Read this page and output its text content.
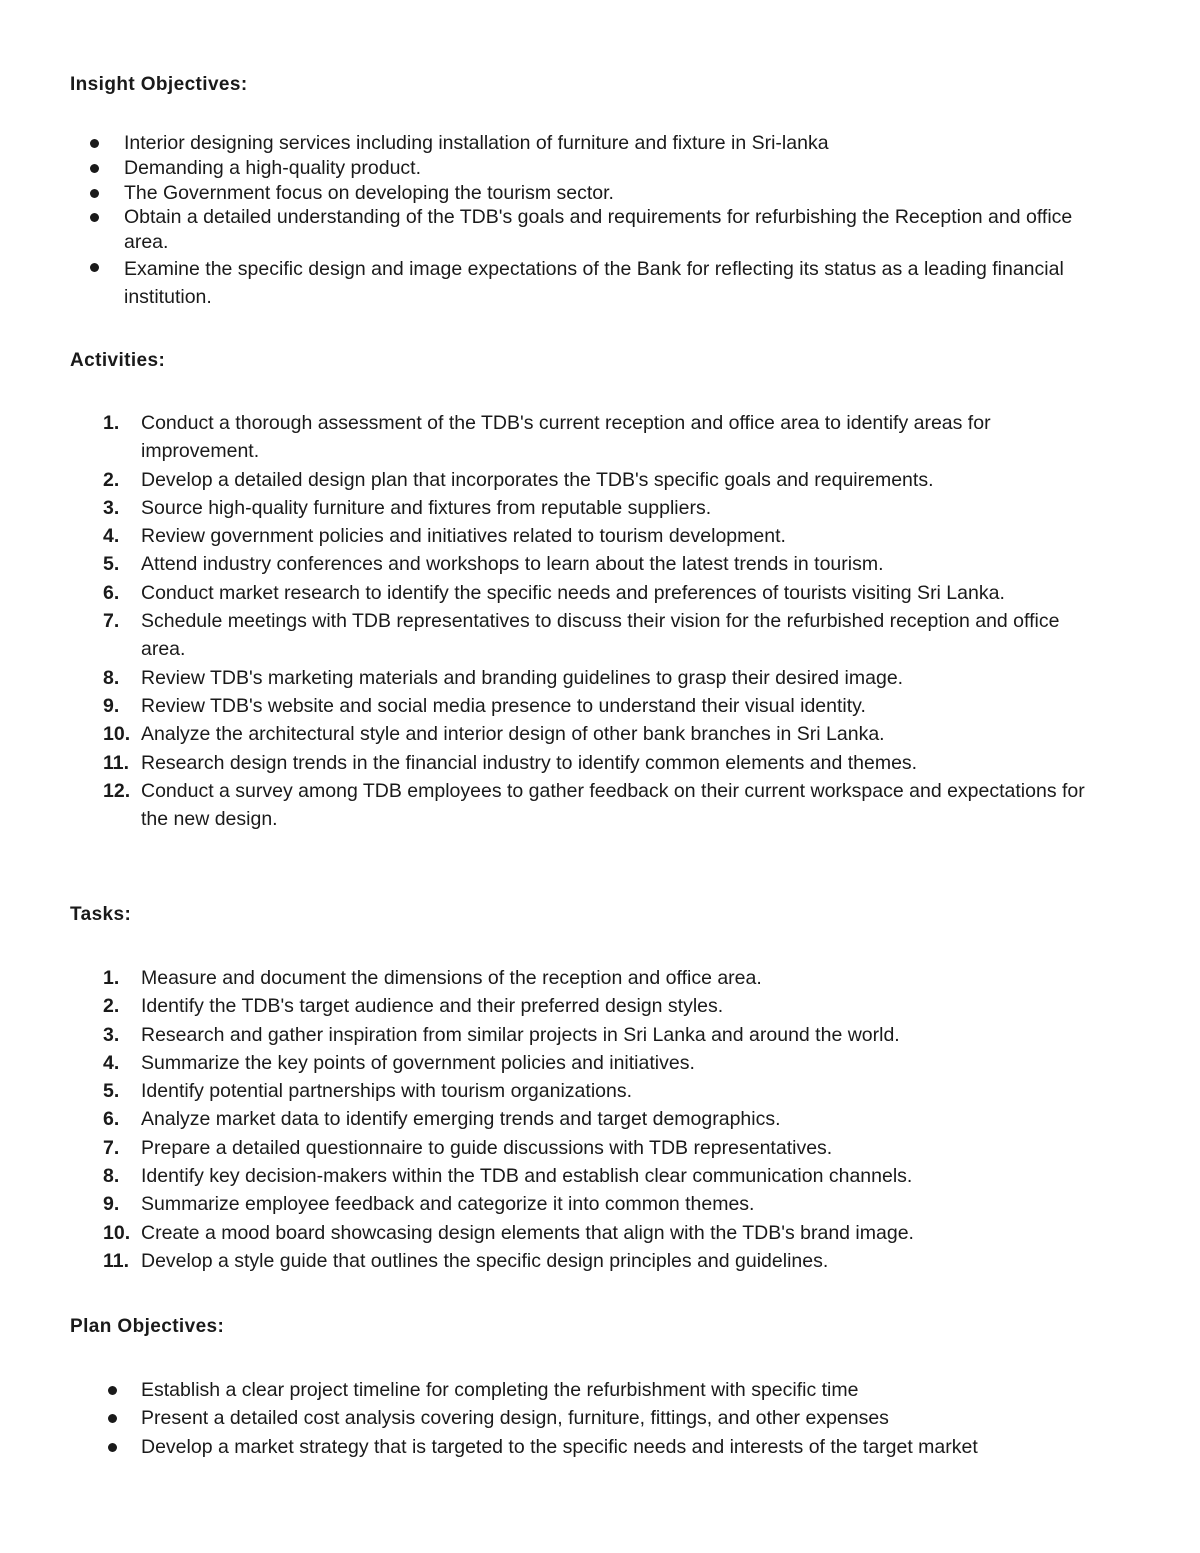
Insight Objectives:
Interior designing services including installation of furniture and fixture in Sri-lanka
Demanding a high-quality product.
The Government focus on developing the tourism sector.
Obtain a detailed understanding of the TDB's goals and requirements for refurbishing the Reception and office area.
Examine the specific design and image expectations of the Bank for reflecting its status as a leading financial institution.
Activities:
1.	Conduct a thorough assessment of the TDB's current reception and office area to identify areas for improvement.
2.	Develop a detailed design plan that incorporates the TDB's specific goals and requirements.
3.	Source high-quality furniture and fixtures from reputable suppliers.
4.	Review government policies and initiatives related to tourism development.
5.	Attend industry conferences and workshops to learn about the latest trends in tourism.
6.	Conduct market research to identify the specific needs and preferences of tourists visiting Sri Lanka.
7.	Schedule meetings with TDB representatives to discuss their vision for the refurbished reception and office area.
8.	Review TDB's marketing materials and branding guidelines to grasp their desired image.
9.	Review TDB's website and social media presence to understand their visual identity.
10. Analyze the architectural style and interior design of other bank branches in Sri Lanka.
11. Research design trends in the financial industry to identify common elements and themes.
12. Conduct a survey among TDB employees to gather feedback on their current workspace and expectations for the new design.
Tasks:
1.	Measure and document the dimensions of the reception and office area.
2.	Identify the TDB's target audience and their preferred design styles.
3.	Research and gather inspiration from similar projects in Sri Lanka and around the world.
4.	Summarize the key points of government policies and initiatives.
5.	Identify potential partnerships with tourism organizations.
6.	Analyze market data to identify emerging trends and target demographics.
7.	Prepare a detailed questionnaire to guide discussions with TDB representatives.
8.	Identify key decision-makers within the TDB and establish clear communication channels.
9.	Summarize employee feedback and categorize it into common themes.
10. Create a mood board showcasing design elements that align with the TDB's brand image.
11. Develop a style guide that outlines the specific design principles and guidelines.
Plan Objectives:
Establish a clear project timeline for completing the refurbishment with specific time
Present a detailed cost analysis covering design, furniture, fittings, and other expenses
Develop a market strategy that is targeted to the specific needs and interests of the target market
